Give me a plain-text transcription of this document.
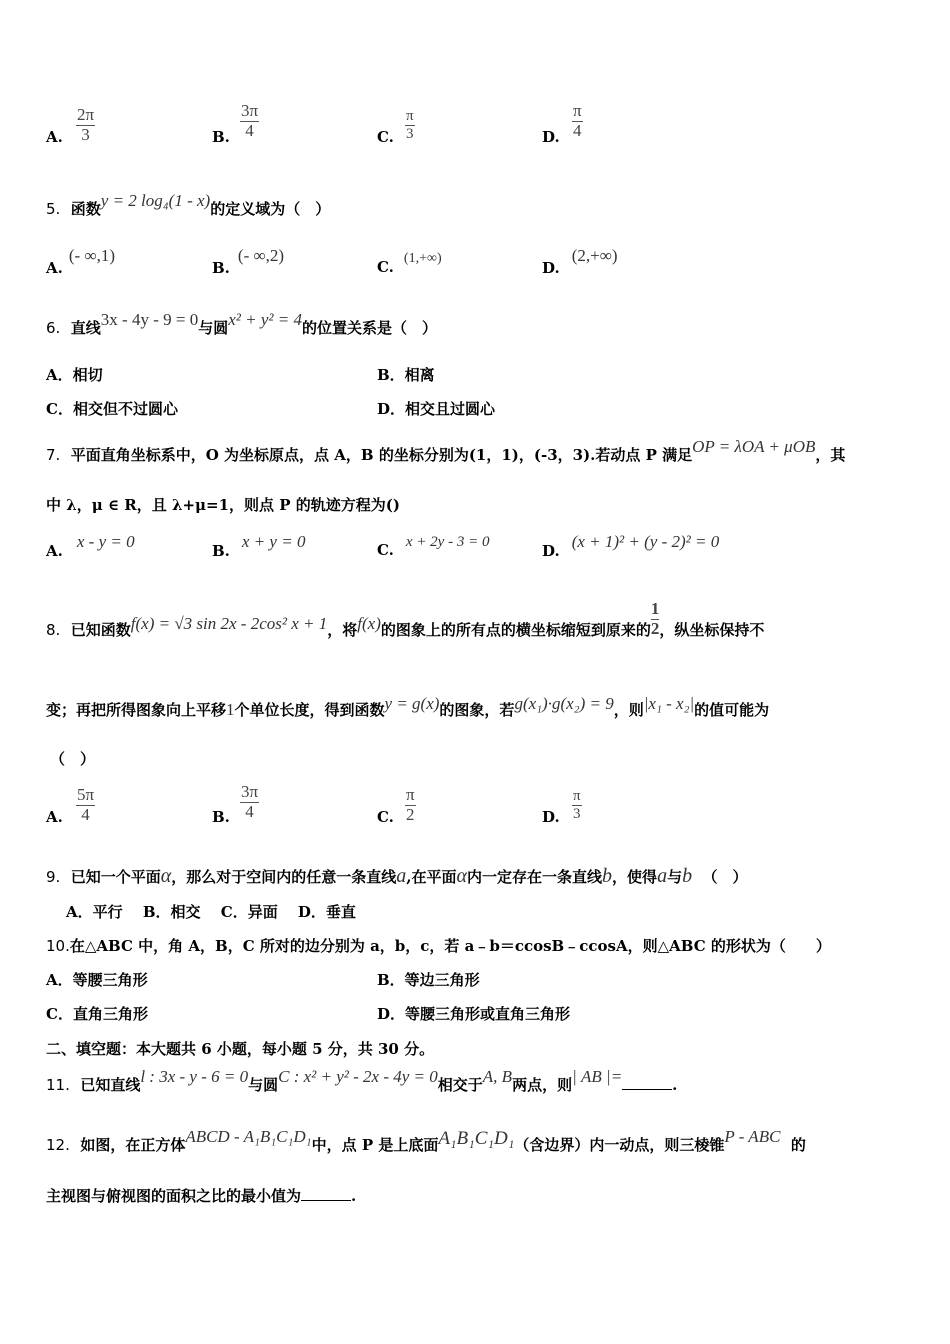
A. $\frac{2\pi}{3}$	B. $\frac{3\pi}{4}$	C. $\frac{\pi}{3}$	D. $\frac{\pi}{4}$
5. 函数y = 2 log₄(1 - x)的定义域为（　）
A.(- ∞,1)
B.(- ∞,2)
C. (1,+∞)
D.(2,+∞)
6. 直线3x - 4y - 9 = 0与圆x² + y² = 4的位置关系是（　）
A．相切	B．相离
C．相交但不过圆心	D．相交且过圆心
7. 平面直角坐标系中，O 为坐标原点，点 A，B 的坐标分别为(1，1)，(-3，3).若动点 P 满足OP = λOA + μOB，其
中 λ，μ ∈ R，且 λ+μ=1，则点 P 的轨迹方程为()
A. x - y = 0	B. x + y = 0	C. x + 2y - 3 = 0	D. (x + 1)² + (y - 2)² = 0
8. 已知函数f(x) = √3 sin 2x - 2cos² x + 1，将f(x)的图象上的所有点的横坐标缩短到原来的 $\frac{1}{2}$ ，纵坐标保持不
变；再把所得图象向上平移1个单位长度，得到函数y = g(x)的图象，若g(x₁)·g(x₂) = 9，则|x₁ - x₂|的值可能为
（　）
A. $\frac{5\pi}{4}$	B. $\frac{3\pi}{4}$	C. $\frac{\pi}{2}$	D. $\frac{\pi}{3}$
9. 已知一个平面α，那么对于空间内的任意一条直线a,在平面α内一定存在一条直线b，使得a与b （　）
A．平行　 B．相交　 C．异面　 D．垂直
10.在△ABC 中，角 A，B，C 所对的边分别为 a，b，c，若 a﹣b＝ccosB﹣ccosA，则△ABC 的形状为（　　）
A．等腰三角形	B．等边三角形
C．直角三角形	D．等腰三角形或直角三角形
二、填空题：本大题共 6 小题，每小题 5 分，共 30 分。
11. 已知直线l : 3x - y - 6 = 0与圆C : x² + y² - 2x - 4y = 0相交于A, B两点，则| AB |=	.
12. 如图，在正方体ABCD - A₁B₁C₁D₁中，点 P 是上底面A₁B₁C₁D₁（含边界）内一动点，则三棱锥P - ABC 的
主视图与俯视图的面积之比的最小值为	.
